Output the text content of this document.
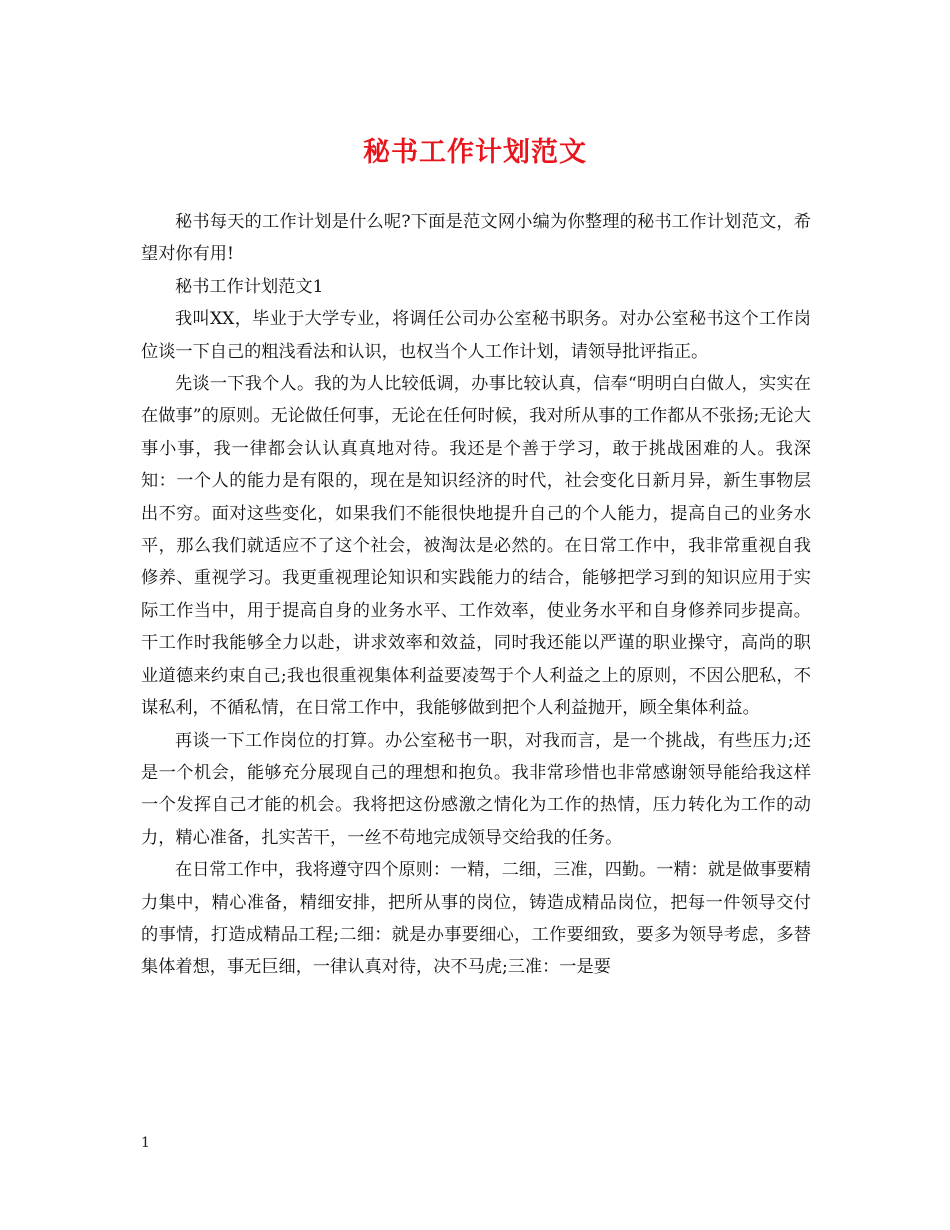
秘书工作计划范文

秘书每天的工作计划是什么呢?下面是范文网小编为你整理的秘书工作计划范文，希望对你有用!

秘书工作计划范文1

我叫XX，毕业于大学专业，将调任公司办公室秘书职务。对办公室秘书这个工作岗位谈一下自己的粗浅看法和认识，也权当个人工作计划，请领导批评指正。

先谈一下我个人。我的为人比较低调，办事比较认真，信奉“明明白白做人，实实在在做事”的原则。无论做任何事，无论在任何时候，我对所从事的工作都从不张扬;无论大事小事，我一律都会认认真真地对待。我还是个善于学习，敢于挑战困难的人。我深知：一个人的能力是有限的，现在是知识经济的时代，社会变化日新月异，新生事物层出不穷。面对这些变化，如果我们不能很快地提升自己的个人能力，提高自己的业务水平，那么我们就适应不了这个社会，被淘汰是必然的。在日常工作中，我非常重视自我修养、重视学习。我更重视理论知识和实践能力的结合，能够把学习到的知识应用于实际工作当中，用于提高自身的业务水平、工作效率，使业务水平和自身修养同步提高。干工作时我能够全力以赴，讲求效率和效益，同时我还能以严谨的职业操守，高尚的职业道德来约束自己;我也很重视集体利益要凌驾于个人利益之上的原则，不因公肥私，不谋私利，不循私情，在日常工作中，我能够做到把个人利益抛开，顾全集体利益。

再谈一下工作岗位的打算。办公室秘书一职，对我而言，是一个挑战，有些压力;还是一个机会，能够充分展现自己的理想和抱负。我非常珍惜也非常感谢领导能给我这样一个发挥自己才能的机会。我将把这份感激之情化为工作的热情，压力转化为工作的动力，精心准备，扎实苦干，一丝不苟地完成领导交给我的任务。

在日常工作中，我将遵守四个原则：一精，二细，三准，四勤。一精：就是做事要精力集中，精心准备，精细安排，把所从事的岗位，铸造成精品岗位，把每一件领导交付的事情，打造成精品工程;二细：就是办事要细心，工作要细致，要多为领导考虑，多替集体着想，事无巨细，一律认真对待，决不马虎;三准：一是要

1
